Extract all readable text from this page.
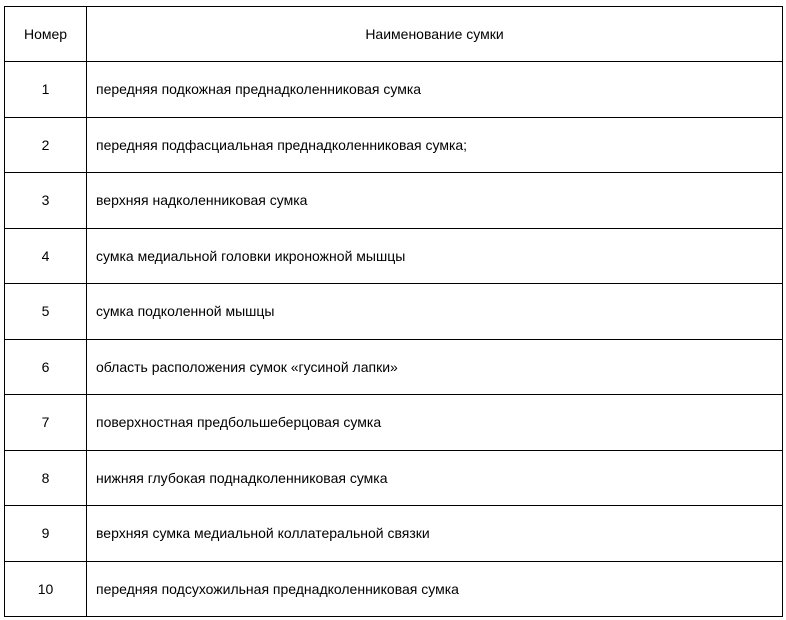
Номер	Наименование сумки
1	передняя подкожная преднадколенниковая сумка
2	передняя подфасциальная преднадколенниковая сумка;
3	верхняя надколенниковая сумка
4	сумка медиальной головки икроножной мышцы
5	сумка подколенной мышцы
6	область расположения сумок «гусиной лапки»
7	поверхностная предбольшеберцовая сумка
8	нижняя глубокая поднадколенниковая сумка
9	верхняя сумка медиальной коллатеральной связки
10	передняя подсухожильная преднадколенниковая сумка
